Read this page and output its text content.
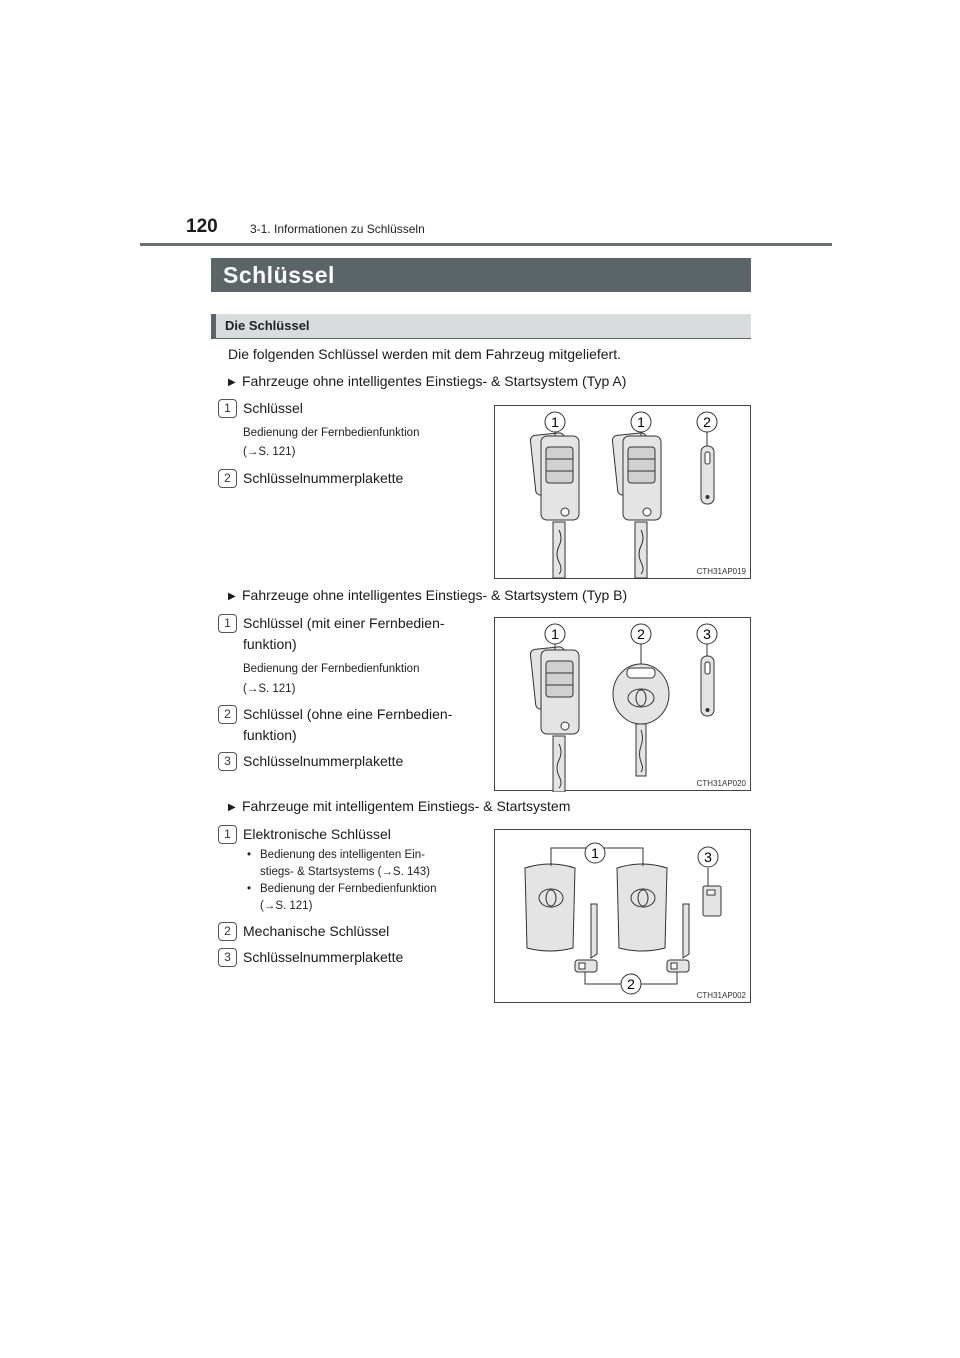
120	3-1. Informationen zu Schlüsseln
Schlüssel
Die Schlüssel
Die folgenden Schlüssel werden mit dem Fahrzeug mitgeliefert.
▶ Fahrzeuge ohne intelligentes Einstiegs- & Startsystem (Typ A)
1 Schlüssel
Bedienung der Fernbedienfunktion
(→S. 121)
2 Schlüsselnummerplakette
1	1	2
CTH31AP019
▶ Fahrzeuge ohne intelligentes Einstiegs- & Startsystem (Typ B)
1 Schlüssel (mit einer Fernbedien-
funktion)
Bedienung der Fernbedienfunktion
(→S. 121)
2 Schlüssel (ohne eine Fernbedien-
funktion)
3 Schlüsselnummerplakette
1	2	3
CTH31AP020
▶ Fahrzeuge mit intelligentem Einstiegs- & Startsystem
1 Elektronische Schlüssel
• Bedienung des intelligenten Ein-
stiegs- & Startsystems (→S. 143)
• Bedienung der Fernbedienfunktion
(→S. 121)
2 Mechanische Schlüssel
3 Schlüsselnummerplakette
1	3
2
CTH31AP002
